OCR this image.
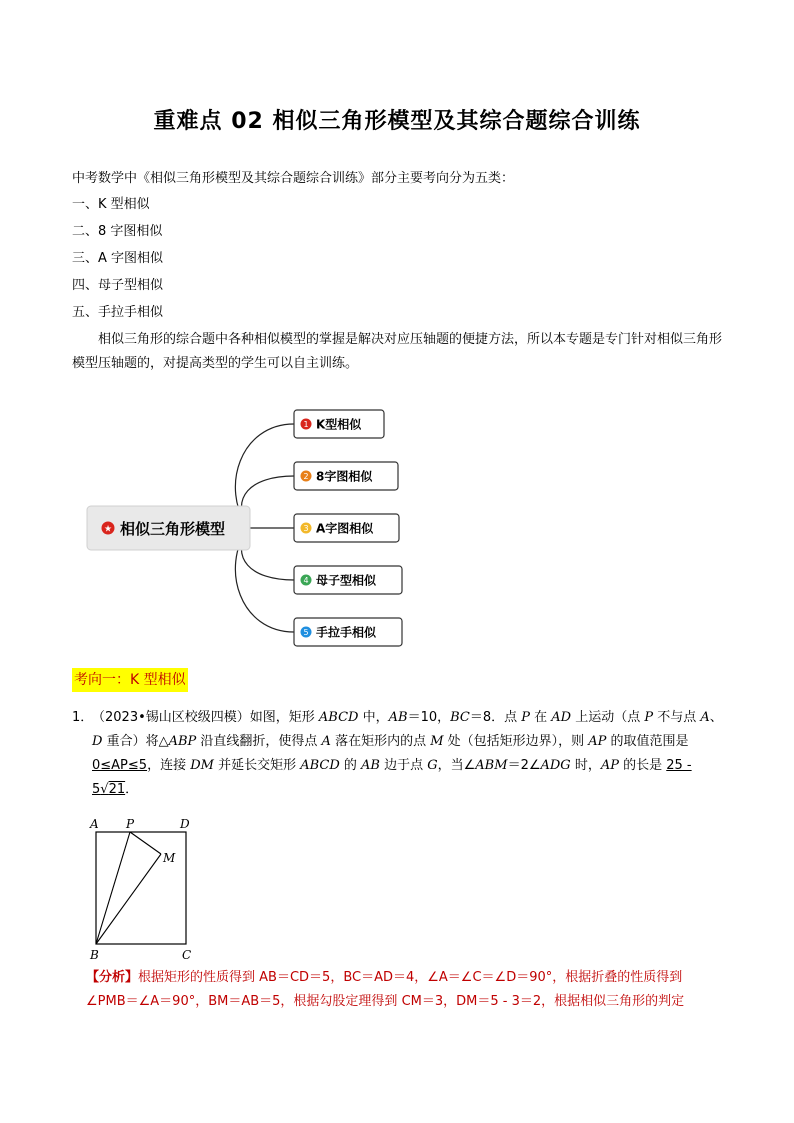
重难点 02 相似三角形模型及其综合题综合训练
中考数学中《相似三角形模型及其综合题综合训练》部分主要考向分为五类：
一、K 型相似
二、8 字图相似
三、A 字图相似
四、母子型相似
五、手拉手相似
相似三角形的综合题中各种相似模型的掌握是解决对应压轴题的便捷方法，所以本专题是专门针对相似三角形模型压轴题的，对提高类型的学生可以自主训练。
★ 相似三角形模型
1 K型相似
2 8字图相似
3 A字图相似
4 母子型相似
5 手拉手相似
考向一：K 型相似
1．
（2023•锡山区校级四模）如图，矩形 ABCD 中，AB＝10，BC＝8．点 P 在 AD 上运动（点 P 不与点 A、D 重合）将△ABP 沿直线翻折，使得点 A 落在矩形内的点 M 处（包括矩形边界），则 AP 的取值范围是 0≤AP≤5，连接 DM 并延长交矩形 ABCD 的 AB 边于点 G，当∠ABM＝2∠ADG 时，AP 的长是 25 - 5√21．
A P	D
M
B	C
【分析】根据矩形的性质得到 AB＝CD＝5，BC＝AD＝4，∠A＝∠C＝∠D＝90°，根据折叠的性质得到
∠PMB＝∠A＝90°，BM＝AB＝5，根据勾股定理得到 CM＝3，DM＝5 - 3＝2，根据相似三角形的判定
